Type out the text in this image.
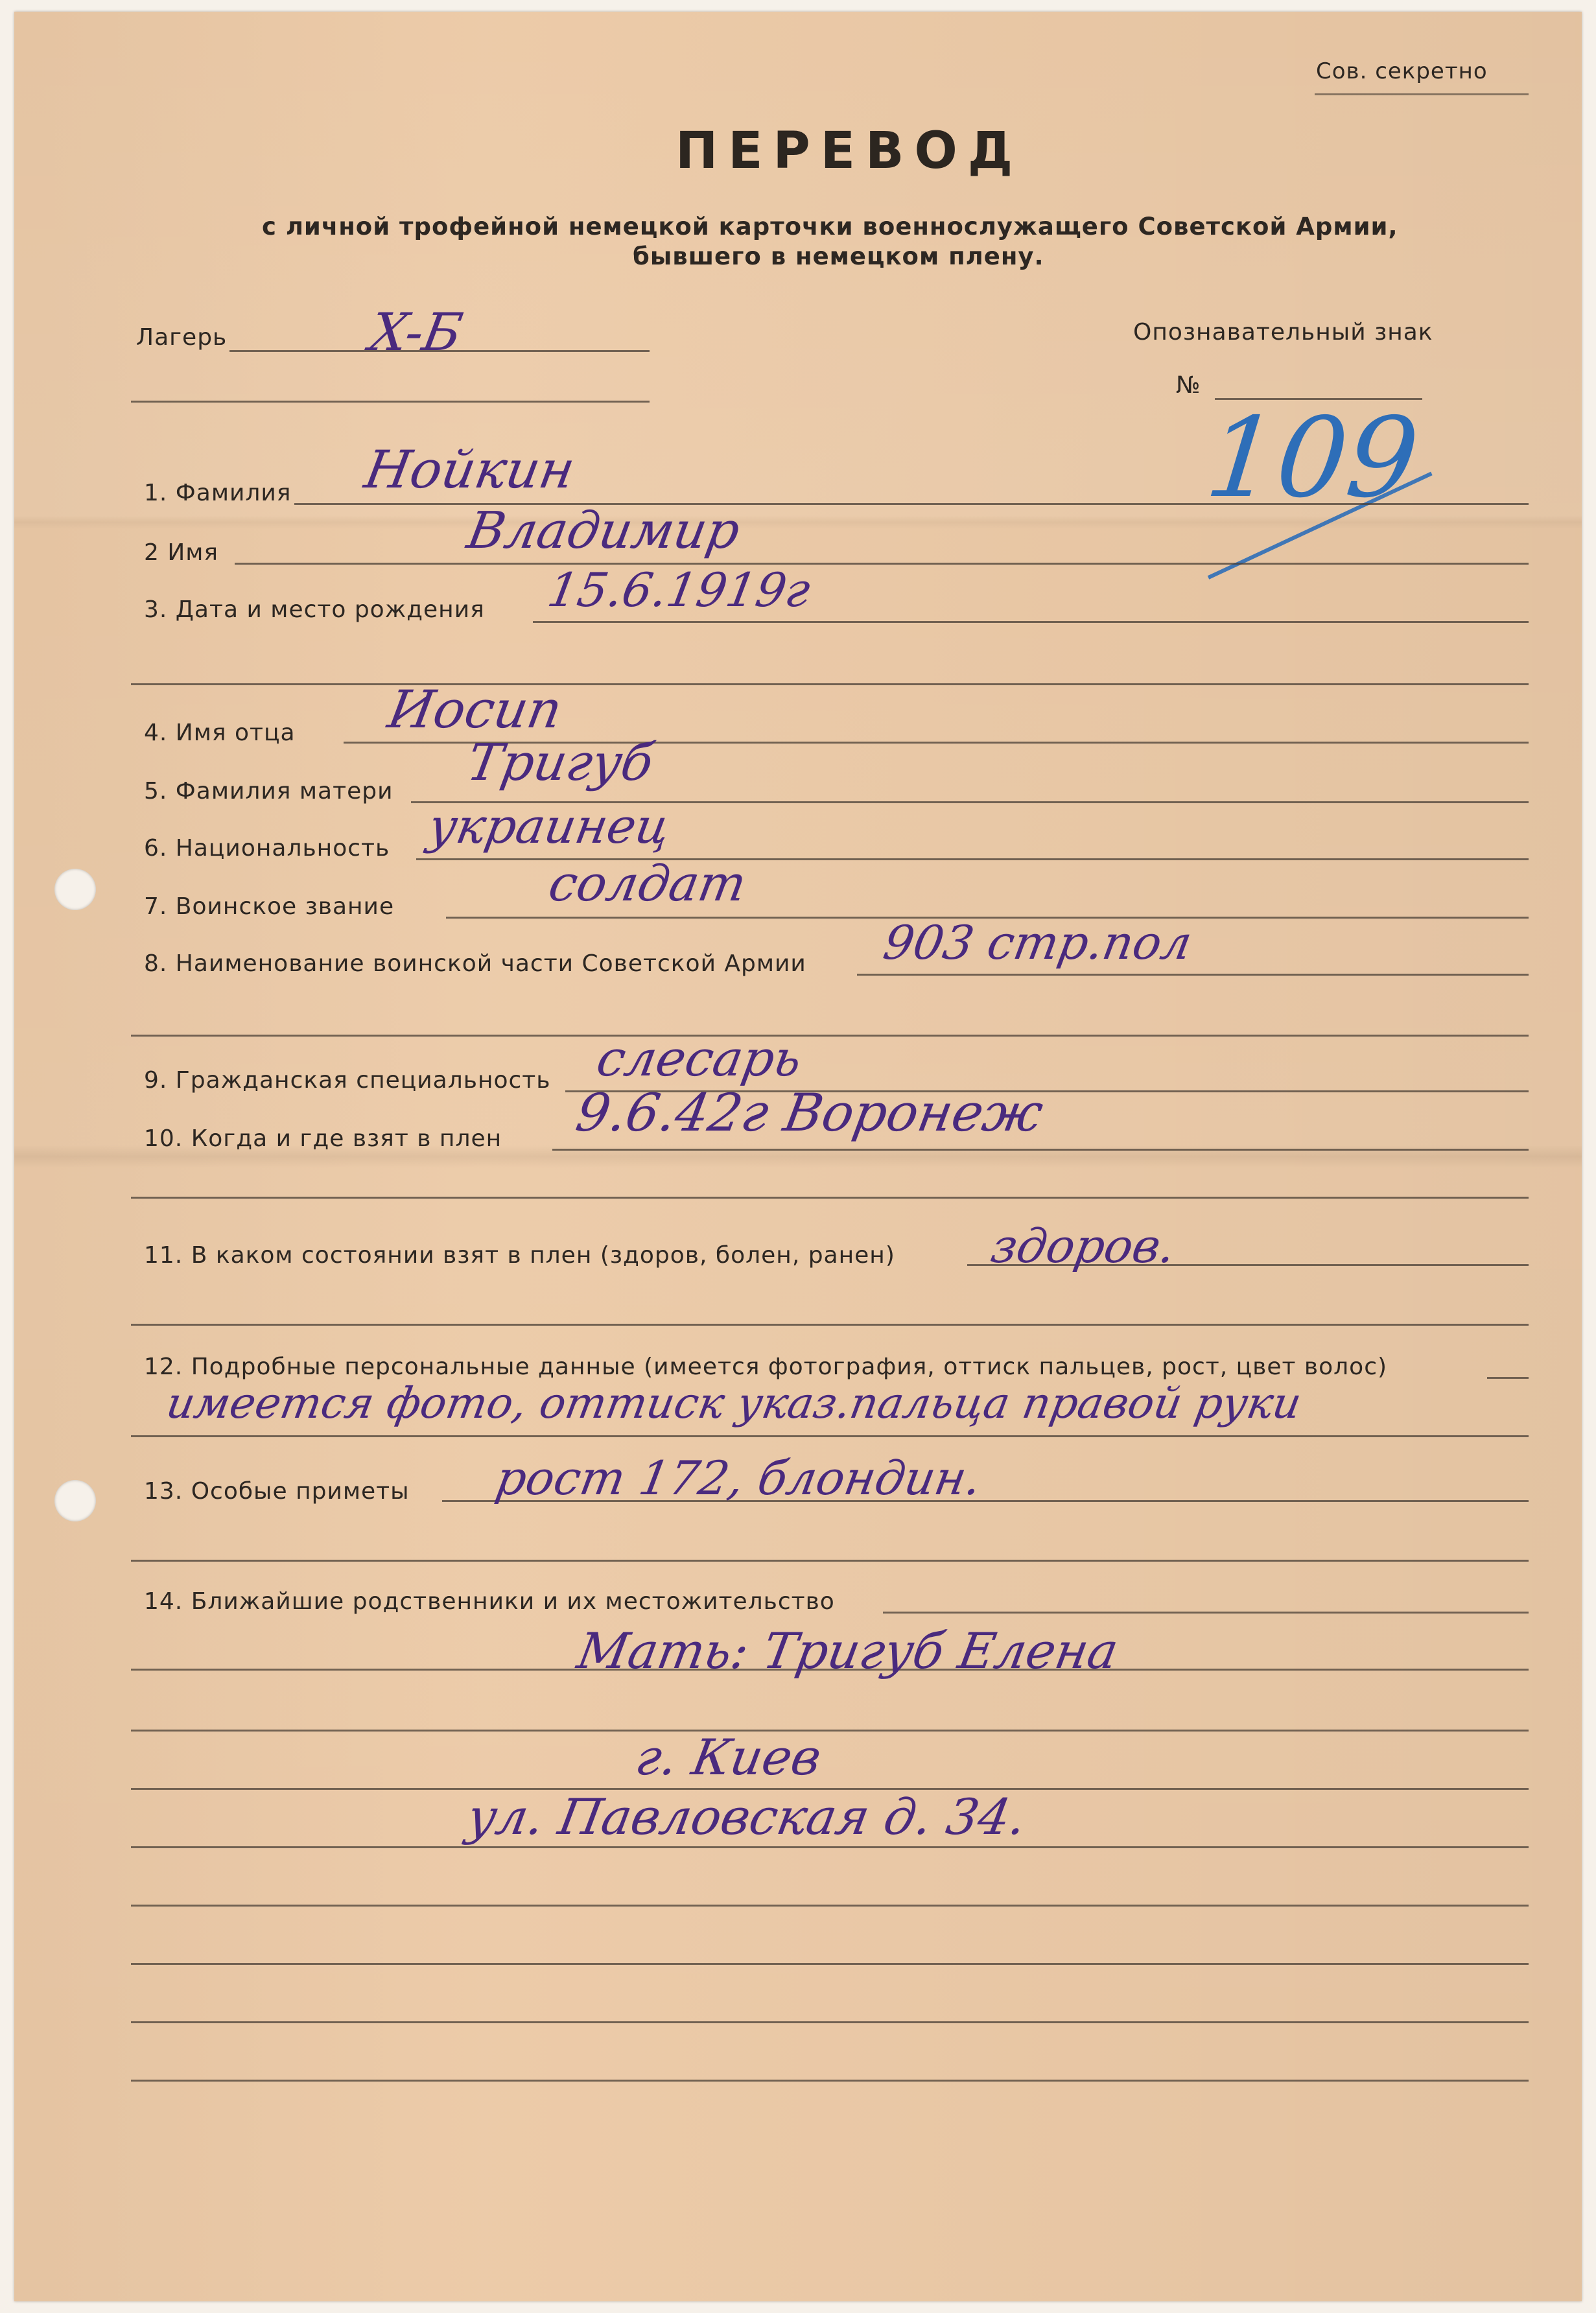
Сов. секретно
ПЕРЕВОД
с личной трофейной немецкой карточки военнослужащего Советской Армии,
бывшего в немецком плену.
Лагерь	X-Б	Опознавательный знак
№
109
1. Фамилия Нойкин
2 Имя	Владимир
3. Дата и место рождения 15.6.1919г
4. Имя отца Иосип
5. Фамилия матери Тригуб
6. Национальность украинец
7. Воинское звание	солдат
8. Наименование воинской части Советской Армии 903 стр.пол
9. Гражданская специальность слесарь
10. Когда и где взят в плен 9.6.42г Воронеж
11. В каком состоянии взят в плен (здоров, болен, ранен) здоров.
12. Подробные персональные данные (имеется фотография, оттиск пальцев, рост, цвет волос)
имеется фото, оттиск указ.пальца правой руки
13. Особые приметы рост 172, блондин.
14. Ближайшие родственники и их местожительство
Мать: Тригуб Елена
г. Киев
ул. Павловская д. 34.
